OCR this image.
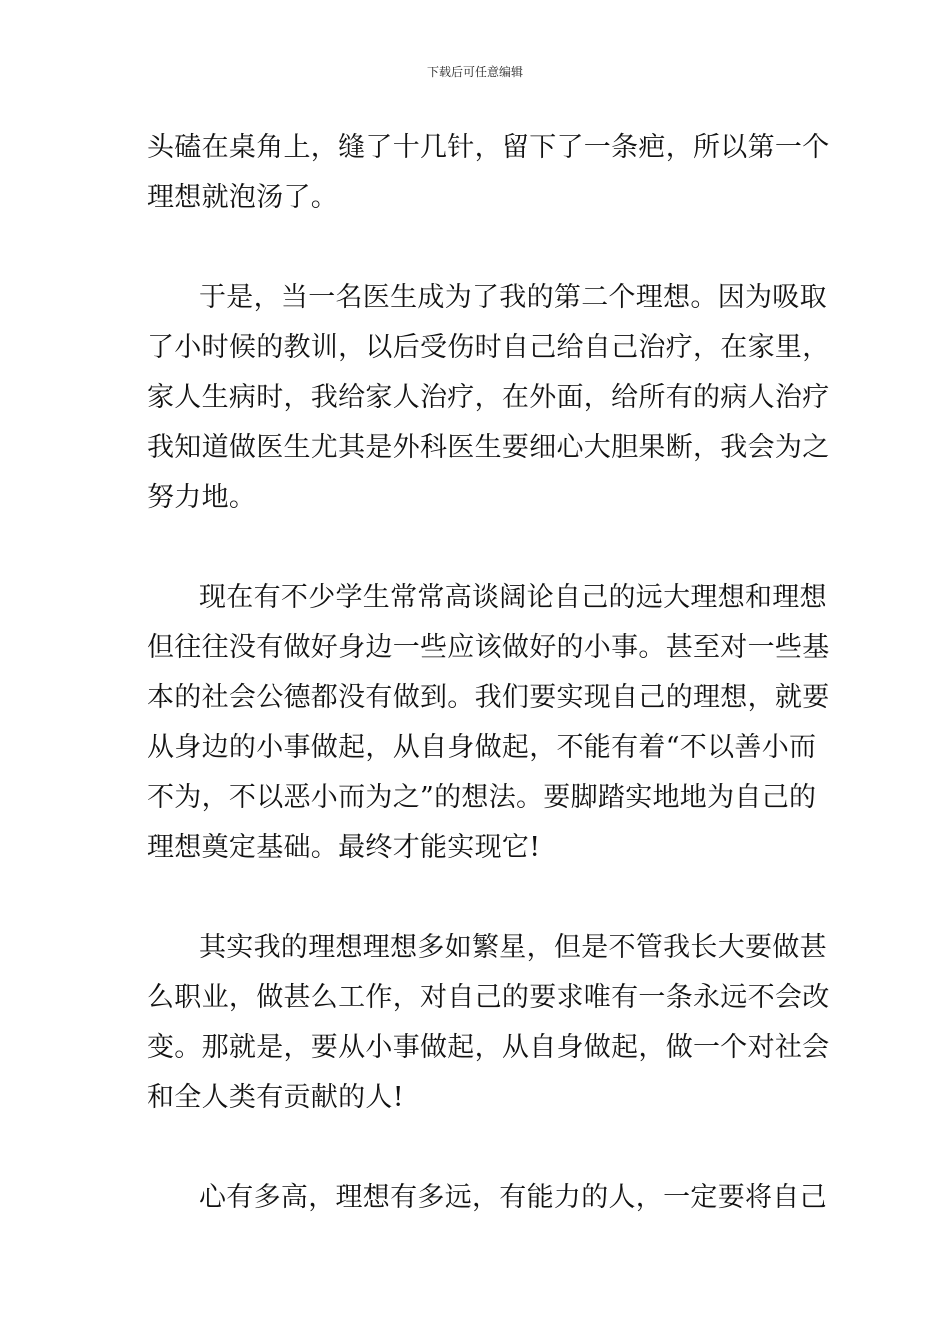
下载后可任意编辑
头磕在桌角上，缝了十几针，留下了一条疤，所以第一个
理想就泡汤了。
于是，当一名医生成为了我的第二个理想。因为吸取
了小时候的教训，以后受伤时自己给自己治疗，在家里，
家人生病时，我给家人治疗，在外面，给所有的病人治疗
我知道做医生尤其是外科医生要细心大胆果断，我会为之
努力地。
现在有不少学生常常高谈阔论自己的远大理想和理想
但往往没有做好身边一些应该做好的小事。甚至对一些基
本的社会公德都没有做到。我们要实现自己的理想，就要
从身边的小事做起，从自身做起，不能有着“不以善小而
不为，不以恶小而为之”的想法。要脚踏实地地为自己的
理想奠定基础。最终才能实现它!
其实我的理想理想多如繁星，但是不管我长大要做甚
么职业，做甚么工作，对自己的要求唯有一条永远不会改
变。那就是，要从小事做起，从自身做起，做一个对社会
和全人类有贡献的人!
心有多高，理想有多远，有能力的人，一定要将自己
